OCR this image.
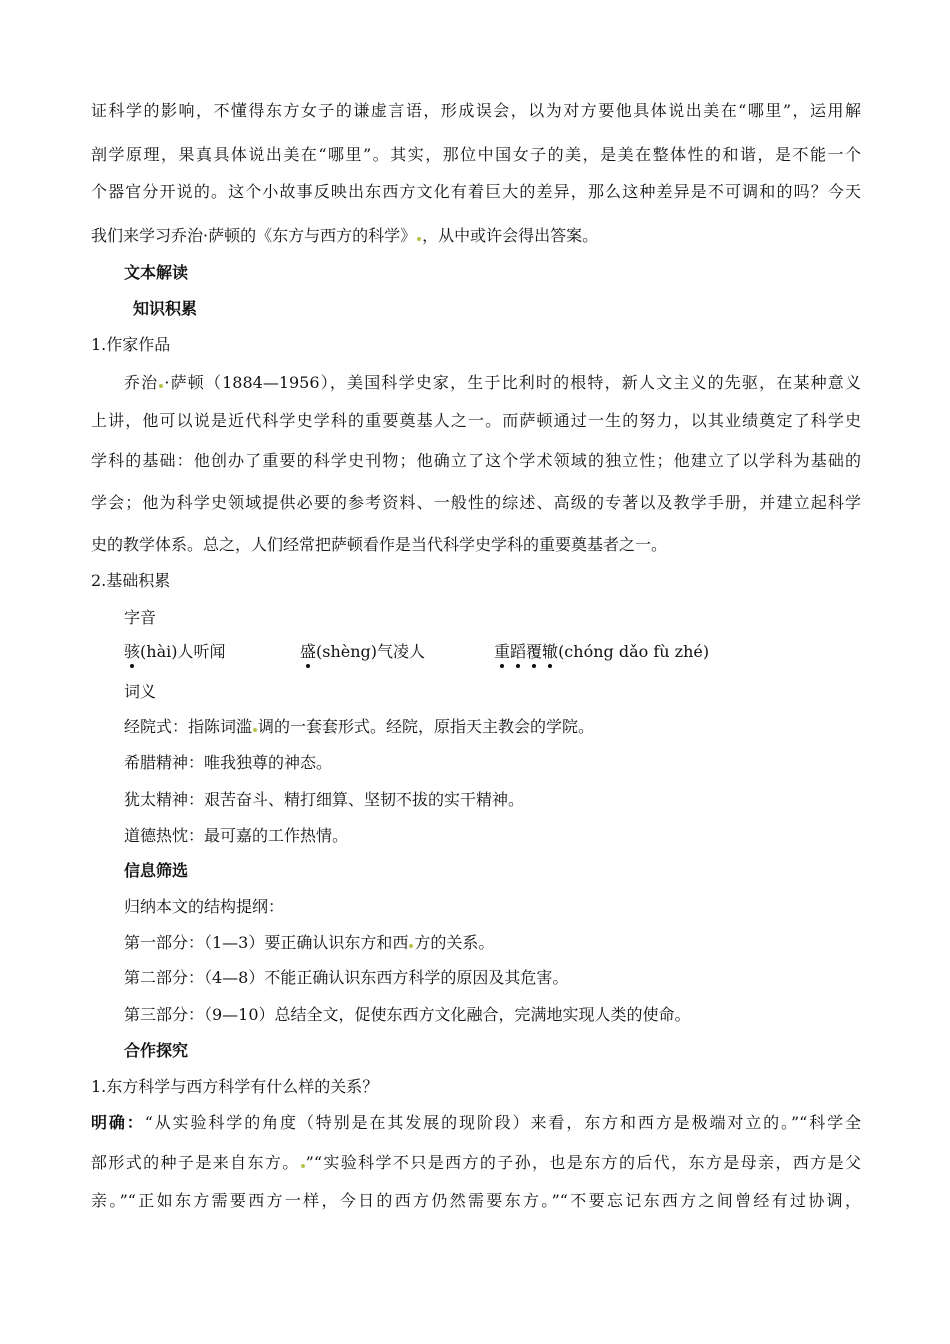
证科学的影响，不懂得东方女子的谦虚言语，形成误会，以为对方要他具体说出美在“哪里”，运用解
剖学原理，果真具体说出美在“哪里”。其实，那位中国女子的美，是美在整体性的和谐，是不能一个
个器官分开说的。这个小故事反映出东西方文化有着巨大的差异，那么这种差异是不可调和的吗？今天
我们来学习乔治·萨顿的《东方与西方的科学》 ，从中或许会得出答案。
文本解读
知识积累
1.作家作品
乔治 ·萨顿（1884—1956），美国科学史家，生于比利时的根特，新人文主义的先驱，在某种意义
上讲，他可以说是近代科学史学科的重要奠基人之一。而萨顿通过一生的努力，以其业绩奠定了科学史
学科的基础：他创办了重要的科学史刊物；他确立了这个学术领域的独立性；他建立了以学科为基础的
学会；他为科学史领域提供必要的参考资料、一般性的综述、高级的专著以及教学手册，并建立起科学
史的教学体系。总之，人们经常把萨顿看作是当代科学史学科的重要奠基者之一。
2.基础积累
字音
骇(hài)人听闻	盛(shèng)气凌人	重蹈覆辙(chóng dǎo fù zhé)
词义
经院式：指陈词滥 调的一套套形式。经院，原指天主教会的学院。
希腊精神：唯我独尊的神态。
犹太精神：艰苦奋斗、精打细算、坚韧不拔的实干精神。
道德热忱：最可嘉的工作热情。
信息筛选
归纳本文的结构提纲：
第一部分：（1—3）要正确认识东方和西 方的关系。
第二部分：（4—8）不能正确认识东西方科学的原因及其危害。
第三部分：（9—10）总结全文，促使东西方文化融合，完满地实现人类的使命。
合作探究
1.东方科学与西方科学有什么样的关系？
明确：“从实验科学的角度（特别是在其发展的现阶段）来看，东方和西方是极端对立的。”“科学全
部形式的种子是来自东方。 ”“实验科学不只是西方的子孙，也是东方的后代，东方是母亲，西方是父
亲。”“正如东方需要西方一样，今日的西方仍然需要东方。”“不要忘记东西方之间曾经有过协调，
